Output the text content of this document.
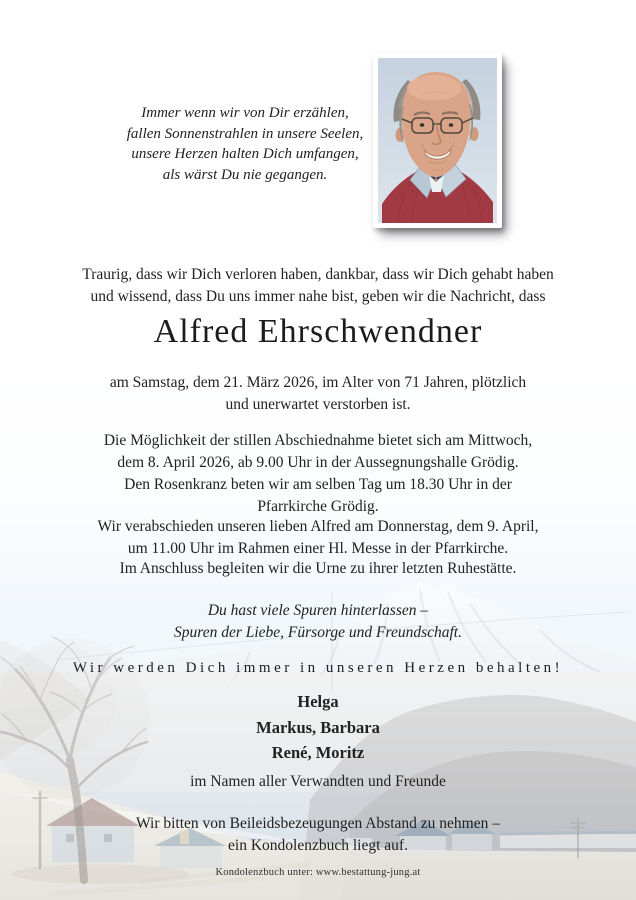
Immer wenn wir von Dir erzählen,
fallen Sonnenstrahlen in unsere Seelen,
unsere Herzen halten Dich umfangen,
als wärst Du nie gegangen.
Traurig, dass wir Dich verloren haben, dankbar, dass wir Dich gehabt haben
und wissend, dass Du uns immer nahe bist, geben wir die Nachricht, dass
Alfred Ehrschwendner
am Samstag, dem 21. März 2026, im Alter von 71 Jahren, plötzlich
und unerwartet verstorben ist.
Die Möglichkeit der stillen Abschiednahme bietet sich am Mittwoch,
dem 8. April 2026, ab 9.00 Uhr in der Aussegnungshalle Grödig.
Den Rosenkranz beten wir am selben Tag um 18.30 Uhr in der
Pfarrkirche Grödig.
Wir verabschieden unseren lieben Alfred am Donnerstag, dem 9. April,
um 11.00 Uhr im Rahmen einer Hl. Messe in der Pfarrkirche.
Im Anschluss begleiten wir die Urne zu ihrer letzten Ruhestätte.
Du hast viele Spuren hinterlassen –
Spuren der Liebe, Fürsorge und Freundschaft.
Wir werden Dich immer in unseren Herzen behalten!
Helga
Markus, Barbara
René, Moritz
im Namen aller Verwandten und Freunde
Wir bitten von Beileidsbezeugungen Abstand zu nehmen –
ein Kondolenzbuch liegt auf.
Kondolenzbuch unter: www.bestattung-jung.at
